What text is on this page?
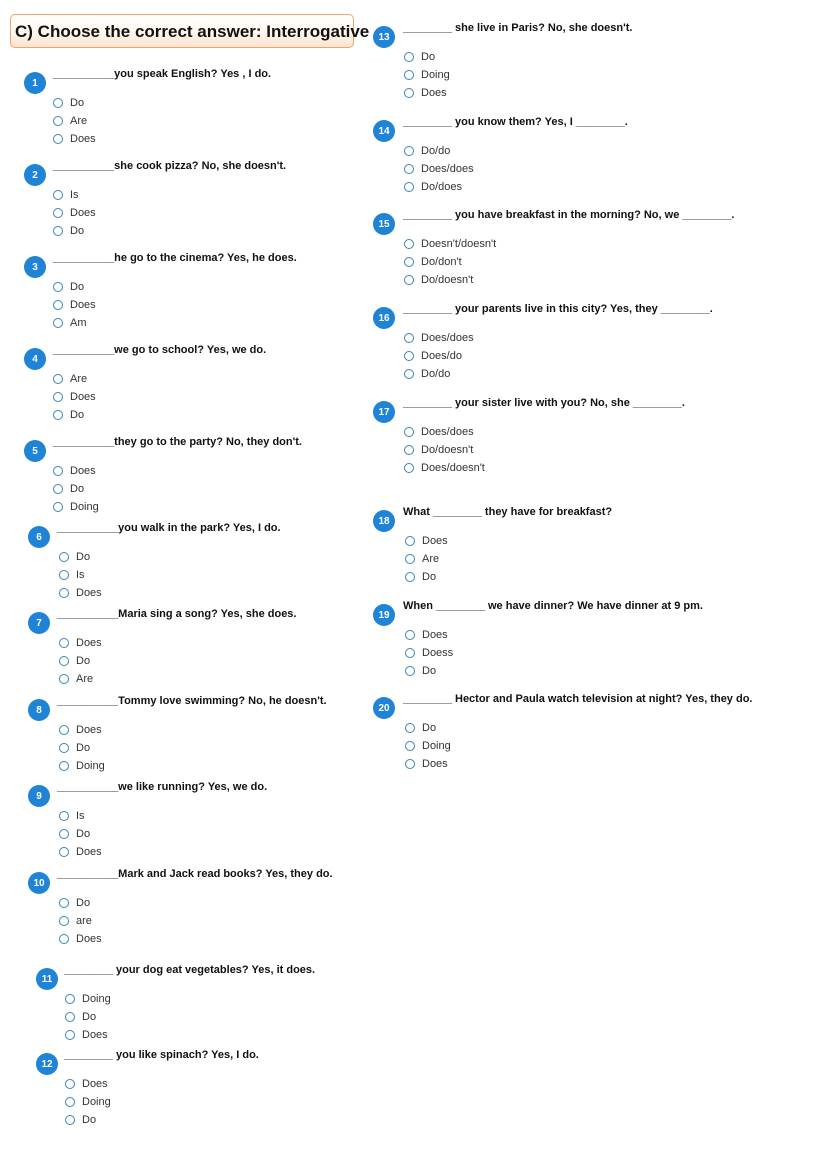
C) Choose the correct answer: Interrogative
1
__________you speak English? Yes , I do.
Do
Are
Does
2
__________she cook pizza? No, she doesn't.
Is
Does
Do
3
__________he go to the cinema? Yes, he does.
Do
Does
Am
4
__________we go to school? Yes, we do.
Are
Does
Do
5
__________they go to the party? No, they don't.
Does
Do
Doing
6
__________you walk in the park? Yes, I do.
Do
Is
Does
7
__________Maria sing a song? Yes, she does.
Does
Do
Are
8
__________Tommy love swimming? No, he doesn't.
Does
Do
Doing
9
__________we like running? Yes, we do.
Is
Do
Does
10
__________Mark and Jack read books? Yes, they do.
Do
are
Does
11
________ your dog eat vegetables? Yes, it does.
Doing
Do
Does
12
________ you like spinach? Yes, I do.
Does
Doing
Do
13
________ she live in Paris? No, she doesn't.
Do
Doing
Does
14
________ you know them? Yes, I ________.
Do/do
Does/does
Do/does
15
________ you have breakfast in the morning? No, we ________.
Doesn't/doesn't
Do/don't
Do/doesn't
16
________ your parents live in this city? Yes, they ________.
Does/does
Does/do
Do/do
17
________ your sister live with you? No, she ________.
Does/does
Do/doesn't
Does/doesn't
18
What ________ they have for breakfast?
Does
Are
Do
19
When ________ we have dinner? We have dinner at 9 pm.
Does
Doess
Do
20
________ Hector and Paula watch television at night? Yes, they do.
Do
Doing
Does
